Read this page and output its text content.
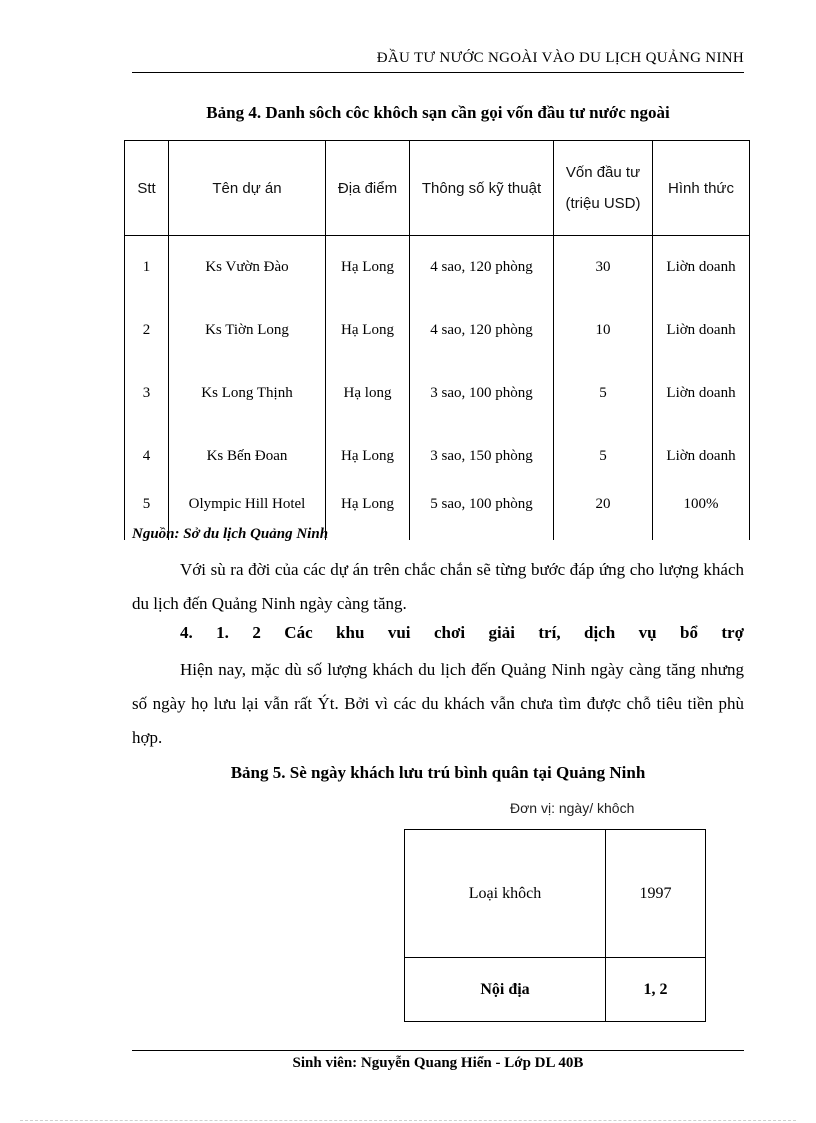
ĐẦU TƯ NƯỚC NGOÀI VÀO DU LỊCH QUẢNG NINH
Bảng 4. Danh sôch côc khôch sạn cần gọi vốn đầu tư nước ngoài
Stt	Tên dự án	Địa điểm	Thông số kỹ thuật	Vốn đầu tư (triệu USD)	Hình thức
1	Ks Vườn Đào	Hạ Long	4 sao, 120 phòng	30	Liờn doanh
2	Ks Tiờn Long	Hạ Long	4 sao, 120 phòng	10	Liờn doanh
3	Ks Long Thịnh	Hạ long	3 sao, 100 phòng	5	Liờn doanh
4	Ks Bến Đoan	Hạ Long	3 sao, 150 phòng	5	Liờn doanh
5	Olympic Hill Hotel	Hạ Long	5 sao, 100 phòng	20	100%
Nguồn: Sở du lịch Quảng Ninh
Với sù ra đời của các dự án trên chắc chắn sẽ từng bước đáp ứng cho lượng khách du lịch đến Quảng Ninh ngày càng tăng.
4. 1. 2 Các khu vui chơi giải trí, dịch vụ bổ trợ
Hiện nay, mặc dù số lượng khách du lịch đến Quảng Ninh ngày càng tăng nhưng số ngày họ lưu lại vẫn rất Ýt. Bởi vì các du khách vẫn chưa tìm được chỗ tiêu tiền phù hợp.
Bảng 5. Sè ngày khách lưu trú bình quân tại Quảng Ninh
Đơn vị: ngày/ khôch
Loại khôch	1997
Nội địa	1, 2
Sinh viên: Nguyễn Quang Hiển - Lớp DL 40B
